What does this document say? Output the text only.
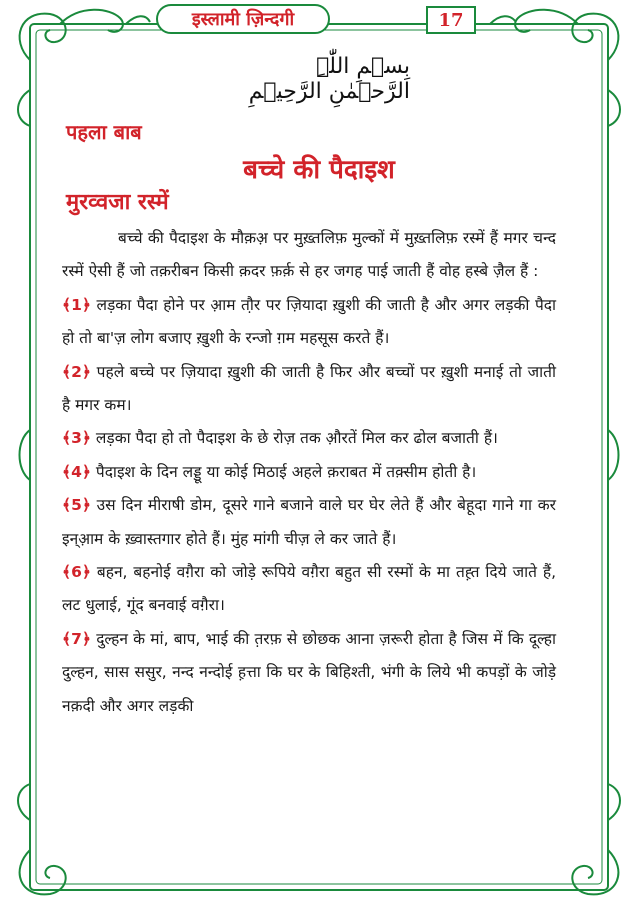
इस्लामी ज़िन्दगी	17
بِسۡمِ اللّٰہِ الرَّحۡمٰنِ الرَّحِیۡمِ
पहला बाब
बच्चे की पैदाइश
मुरव्वजा रस्में

बच्चे की पैदाइश के मौक़अ़ पर मुख़्तलिफ़ मुल्कों में मुख़्तलिफ़ रस्में हैं मगर चन्द रस्में ऐसी हैं जो तक़रीबन किसी क़दर फ़र्क़ से हर जगह पाई जाती हैं वोह हस्बे ज़ैल हैं :

﴾1﴿ लड़का पैदा होने पर आ़म तौ़र पर ज़ियादा ख़ुशी की जाती है और अगर लड़की पैदा हो तो बा'ज़ लोग बजाए ख़ुशी के रन्जो ग़म महसूस करते हैं।

﴾2﴿ पहले बच्चे पर ज़ियादा ख़ुशी की जाती है फिर और बच्चों पर ख़ुशी मनाई तो जाती है मगर कम।

﴾3﴿ लड़का पैदा हो तो पैदाइश के छे रोज़ तक औ़रतें मिल कर ढोल बजाती हैं।

﴾4﴿ पैदाइश के दिन लड्डू या कोई मिठाई अहले क़राबत में तक़्सीम होती है।

﴾5﴿ उस दिन मीराषी डोम, दूसरे गाने बजाने वाले घर घेर लेते हैं और बेहूदा गाने गा कर इन्आ़म के ख़्वास्तगार होते हैं। मुंह मांगी चीज़ ले कर जाते हैं।

﴾6﴿ बहन, बहनोई वग़ैरा को जोड़े रूपिये वग़ैरा बहुत सी रस्मों के मा तह़्त दिये जाते हैं, लट धुलाई, गूंद बनवाई वग़ैरा।

﴾7﴿ दुल्हन के मां, बाप, भाई की त़रफ़ से छोछक आना ज़रूरी होता है जिस में कि दूल्हा दुल्हन, सास ससुर, नन्द नन्दोई ह़त्ता कि घर के बिहिश्ती, भंगी के लिये भी कपड़ों के जोड़े नक़दी और अगर लड़की
